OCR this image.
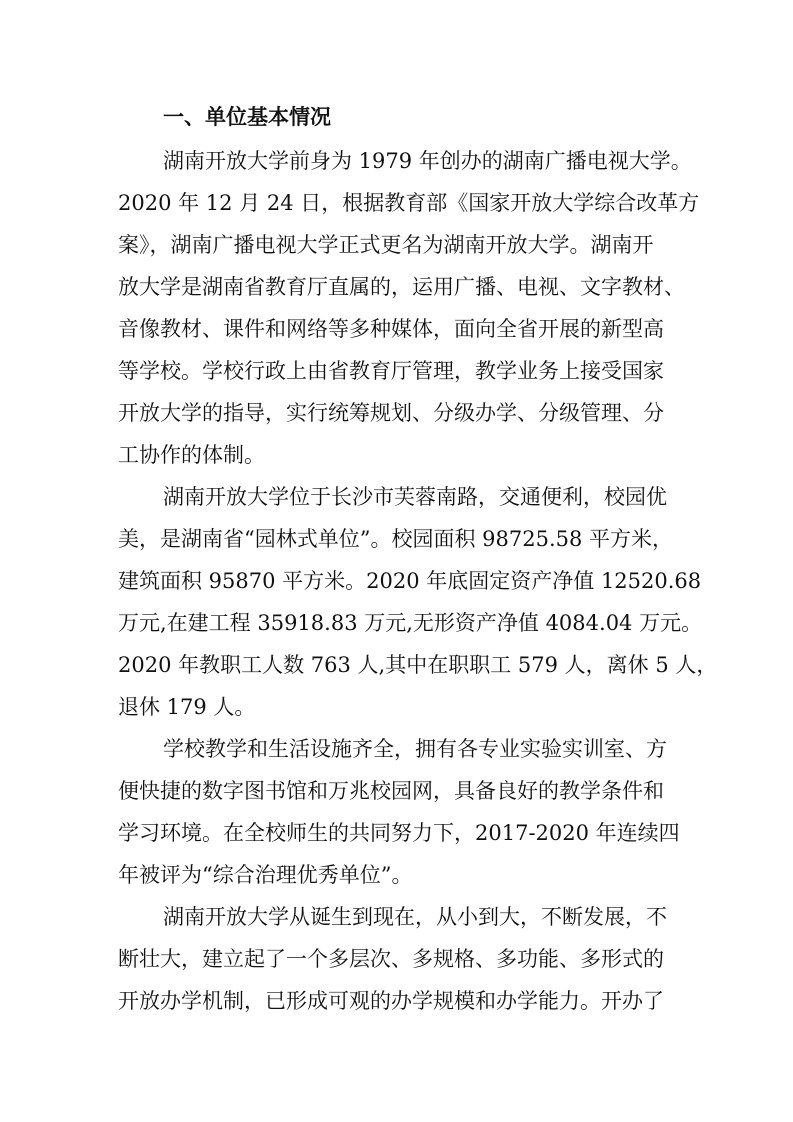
一、单位基本情况
湖南开放大学前身为 1979 年创办的湖南广播电视大学。
2020 年 12 月 24 日，根据教育部《国家开放大学综合改革方
案》，湖南广播电视大学正式更名为湖南开放大学。湖南开
放大学是湖南省教育厅直属的，运用广播、电视、文字教材、
音像教材、课件和网络等多种媒体，面向全省开展的新型高
等学校。学校行政上由省教育厅管理，教学业务上接受国家
开放大学的指导，实行统筹规划、分级办学、分级管理、分
工协作的体制。
湖南开放大学位于长沙市芙蓉南路，交通便利，校园优
美，是湖南省“园林式单位”。校园面积 98725.58 平方米，
建筑面积 95870 平方米。2020 年底固定资产净值 12520.68
万元,在建工程 35918.83 万元,无形资产净值 4084.04 万元。
2020 年教职工人数 763 人,其中在职职工 579 人，离休 5 人，
退休 179 人。
学校教学和生活设施齐全，拥有各专业实验实训室、方
便快捷的数字图书馆和万兆校园网，具备良好的教学条件和
学习环境。在全校师生的共同努力下，2017-2020 年连续四
年被评为“综合治理优秀单位”。
湖南开放大学从诞生到现在，从小到大，不断发展，不
断壮大，建立起了一个多层次、多规格、多功能、多形式的
开放办学机制，已形成可观的办学规模和办学能力。开办了
